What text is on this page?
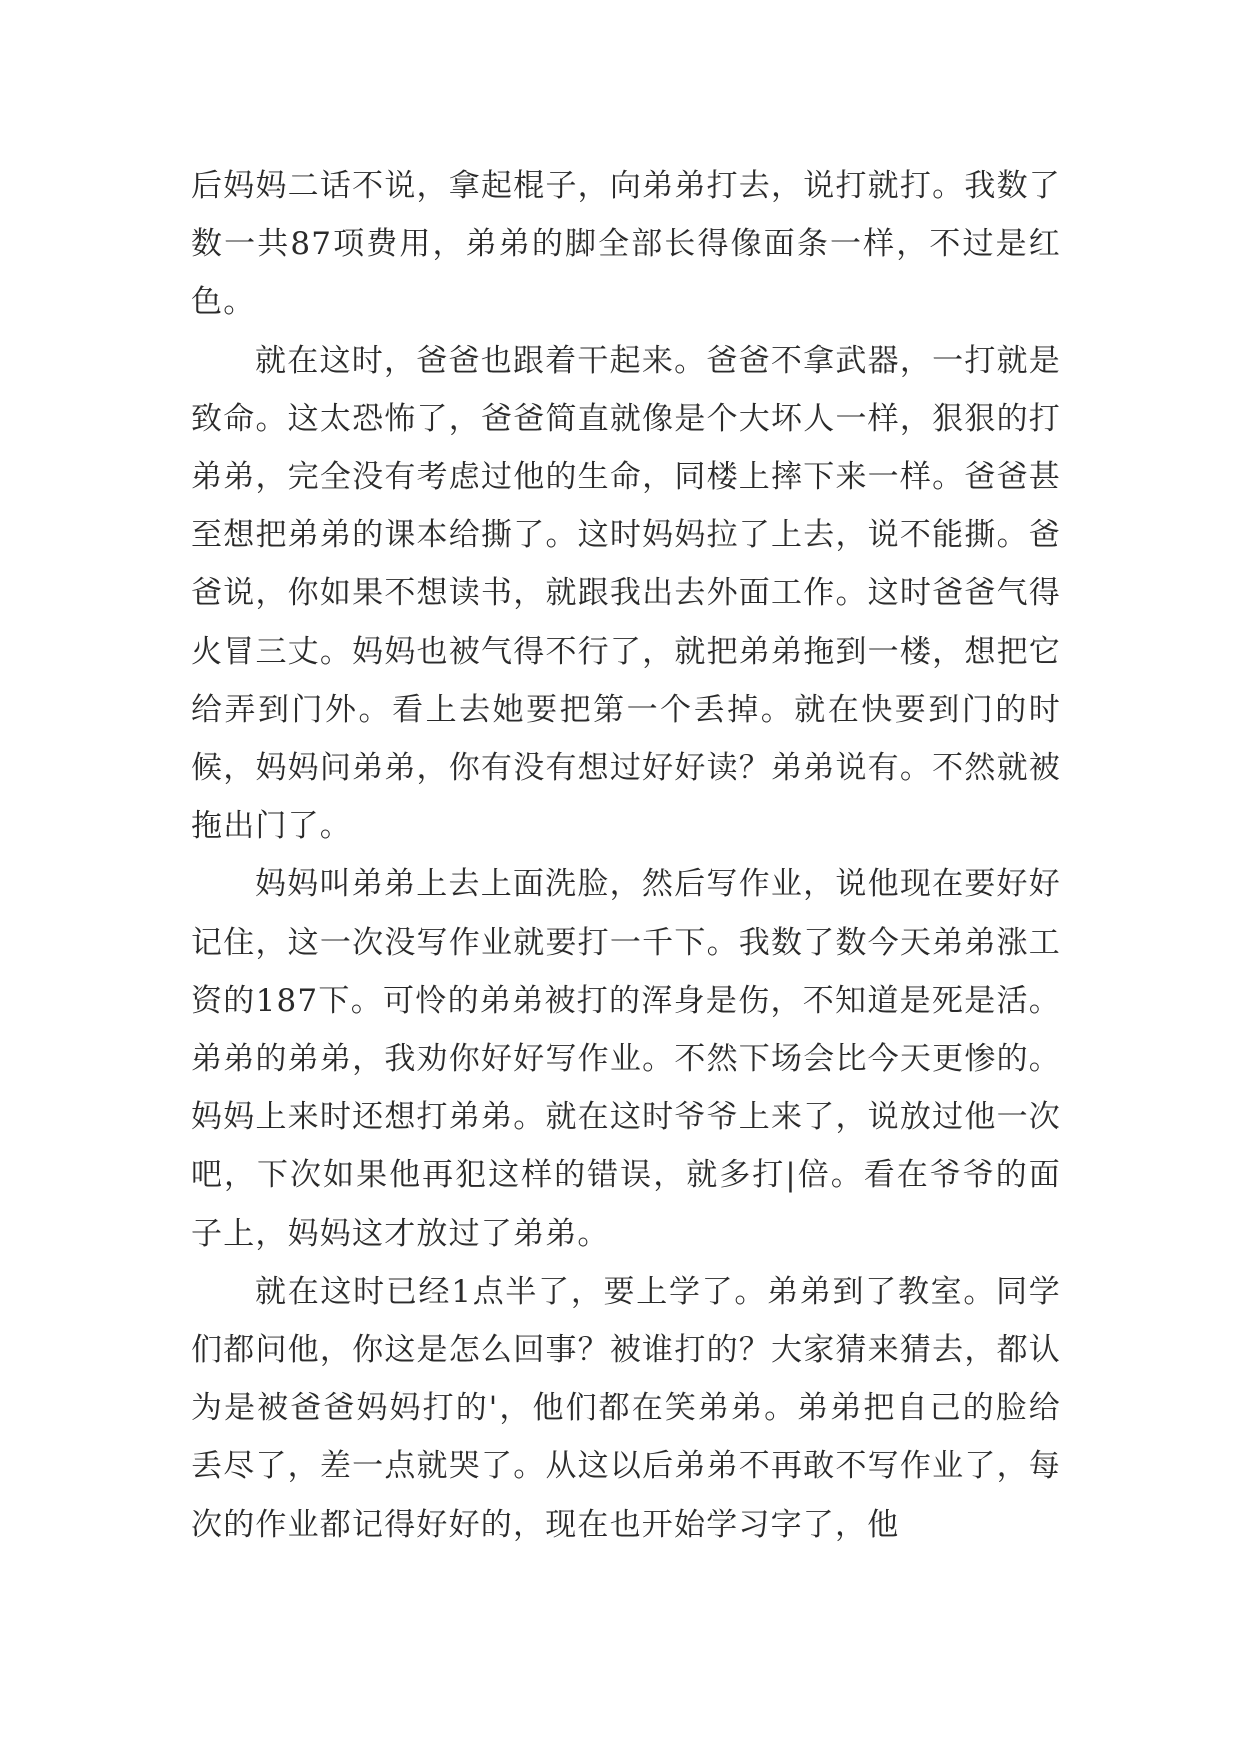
后妈妈二话不说，拿起棍子，向弟弟打去，说打就打。我数了数一共87项费用，弟弟的脚全部长得像面条一样，不过是红色。

就在这时，爸爸也跟着干起来。爸爸不拿武器，一打就是致命。这太恐怖了，爸爸简直就像是个大坏人一样，狠狠的打弟弟，完全没有考虑过他的生命，同楼上摔下来一样。爸爸甚至想把弟弟的课本给撕了。这时妈妈拉了上去，说不能撕。爸爸说，你如果不想读书，就跟我出去外面工作。这时爸爸气得火冒三丈。妈妈也被气得不行了，就把弟弟拖到一楼，想把它给弄到门外。看上去她要把第一个丢掉。就在快要到门的时候，妈妈问弟弟，你有没有想过好好读？弟弟说有。不然就被拖出门了。

妈妈叫弟弟上去上面洗脸，然后写作业，说他现在要好好记住，这一次没写作业就要打一千下。我数了数今天弟弟涨工资的187下。可怜的弟弟被打的浑身是伤，不知道是死是活。弟弟的弟弟，我劝你好好写作业。不然下场会比今天更惨的。妈妈上来时还想打弟弟。就在这时爷爷上来了，说放过他一次吧，下次如果他再犯这样的错误，就多打|倍。看在爷爷的面子上，妈妈这才放过了弟弟。

就在这时已经1点半了，要上学了。弟弟到了教室。同学们都问他，你这是怎么回事？被谁打的？大家猜来猜去，都认为是被爸爸妈妈打的'，他们都在笑弟弟。弟弟把自己的脸给丢尽了，差一点就哭了。从这以后弟弟不再敢不写作业了，每次的作业都记得好好的，现在也开始学习字了，他
